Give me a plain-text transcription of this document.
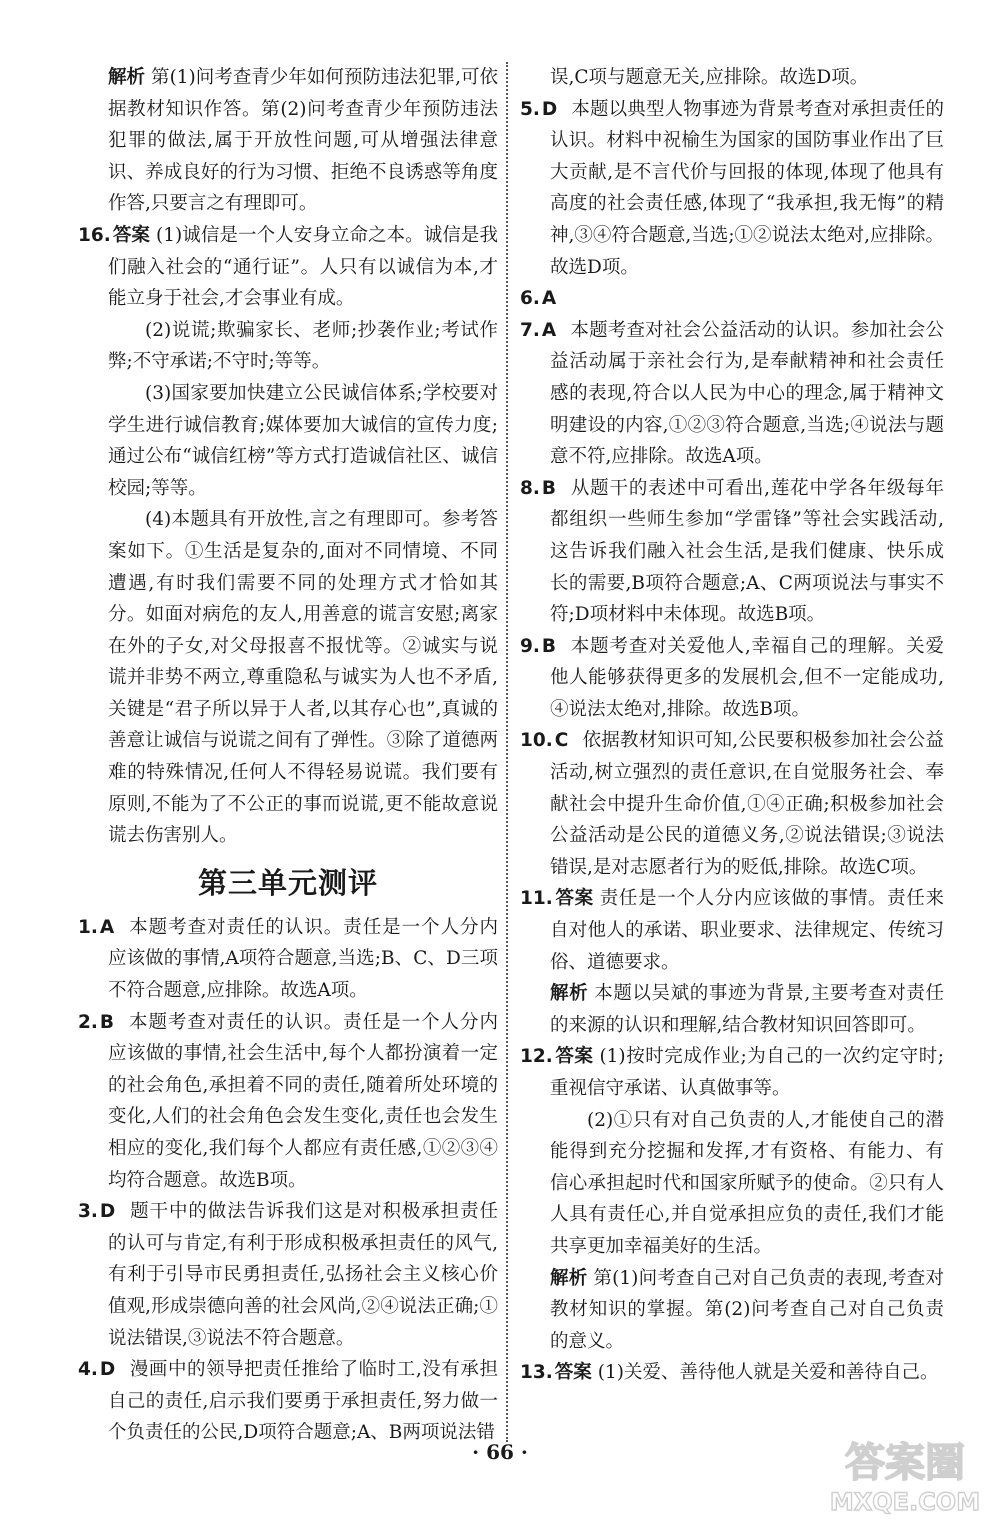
解析 第(1)问考查青少年如何预防违法犯罪,可依据教材知识作答。第(2)问考查青少年预防违法犯罪的做法,属于开放性问题,可从增强法律意识、养成良好的行为习惯、拒绝不良诱惑等角度作答,只要言之有理即可。
16. 答案 (1)诚信是一个人安身立命之本。诚信是我们融入社会的“通行证”。人只有以诚信为本,才能立身于社会,才会事业有成。
(2)说谎;欺骗家长、老师;抄袭作业;考试作弊;不守承诺;不守时;等等。
(3)国家要加快建立公民诚信体系;学校要对学生进行诚信教育;媒体要加大诚信的宣传力度;通过公布“诚信红榜”等方式打造诚信社区、诚信校园;等等。
(4)本题具有开放性,言之有理即可。参考答案如下。①生活是复杂的,面对不同情境、不同遭遇,有时我们需要不同的处理方式才恰如其分。如面对病危的友人,用善意的谎言安慰;离家在外的子女,对父母报喜不报忧等。②诚实与说谎并非势不两立,尊重隐私与诚实为人也不矛盾,关键是“君子所以异于人者,以其存心也”,真诚的善意让诚信与说谎之间有了弹性。③除了道德两难的特殊情况,任何人不得轻易说谎。我们要有原则,不能为了不公正的事而说谎,更不能故意说谎去伤害别人。
第三单元测评
1. A 本题考查对责任的认识。责任是一个人分内应该做的事情,A项符合题意,当选;B、C、D三项不符合题意,应排除。故选A项。
2. B 本题考查对责任的认识。责任是一个人分内应该做的事情,社会生活中,每个人都扮演着一定的社会角色,承担着不同的责任,随着所处环境的变化,人们的社会角色会发生变化,责任也会发生相应的变化,我们每个人都应有责任感,①②③④均符合题意。故选B项。
3. D 题干中的做法告诉我们这是对积极承担责任的认可与肯定,有利于形成积极承担责任的风气,有利于引导市民勇担责任,弘扬社会主义核心价值观,形成崇德向善的社会风尚,②④说法正确;①说法错误,③说法不符合题意。
4. D 漫画中的领导把责任推给了临时工,没有承担自己的责任,启示我们要勇于承担责任,努力做一个负责任的公民,D项符合题意;A、B两项说法错
误,C项与题意无关,应排除。故选D项。
5. D 本题以典型人物事迹为背景考查对承担责任的认识。材料中祝榆生为国家的国防事业作出了巨大贡献,是不言代价与回报的体现,体现了他具有高度的社会责任感,体现了“我承担,我无悔”的精神,③④符合题意,当选;①②说法太绝对,应排除。故选D项。
6. A
7. A 本题考查对社会公益活动的认识。参加社会公益活动属于亲社会行为,是奉献精神和社会责任感的表现,符合以人民为中心的理念,属于精神文明建设的内容,①②③符合题意,当选;④说法与题意不符,应排除。故选A项。
8. B 从题干的表述中可看出,莲花中学各年级每年都组织一些师生参加“学雷锋”等社会实践活动,这告诉我们融入社会生活,是我们健康、快乐成长的需要,B项符合题意;A、C两项说法与事实不符;D项材料中未体现。故选B项。
9. B 本题考查对关爱他人,幸福自己的理解。关爱他人能够获得更多的发展机会,但不一定能成功,④说法太绝对,排除。故选B项。
10. C 依据教材知识可知,公民要积极参加社会公益活动,树立强烈的责任意识,在自觉服务社会、奉献社会中提升生命价值,①④正确;积极参加社会公益活动是公民的道德义务,②说法错误;③说法错误,是对志愿者行为的贬低,排除。故选C项。
11. 答案 责任是一个人分内应该做的事情。责任来自对他人的承诺、职业要求、法律规定、传统习俗、道德要求。
解析 本题以吴斌的事迹为背景,主要考查对责任的来源的认识和理解,结合教材知识回答即可。
12. 答案 (1)按时完成作业;为自己的一次约定守时;重视信守承诺、认真做事等。
(2)①只有对自己负责的人,才能使自己的潜能得到充分挖掘和发挥,才有资格、有能力、有信心承担起时代和国家所赋予的使命。②只有人人具有责任心,并自觉承担应负的责任,我们才能共享更加幸福美好的生活。
解析 第(1)问考查自己对自己负责的表现,考查对教材知识的掌握。第(2)问考查自己对自己负责的意义。
13. 答案 (1)关爱、善待他人就是关爱和善待自己。
· 66 ·	答案圈
MXQE.COM
